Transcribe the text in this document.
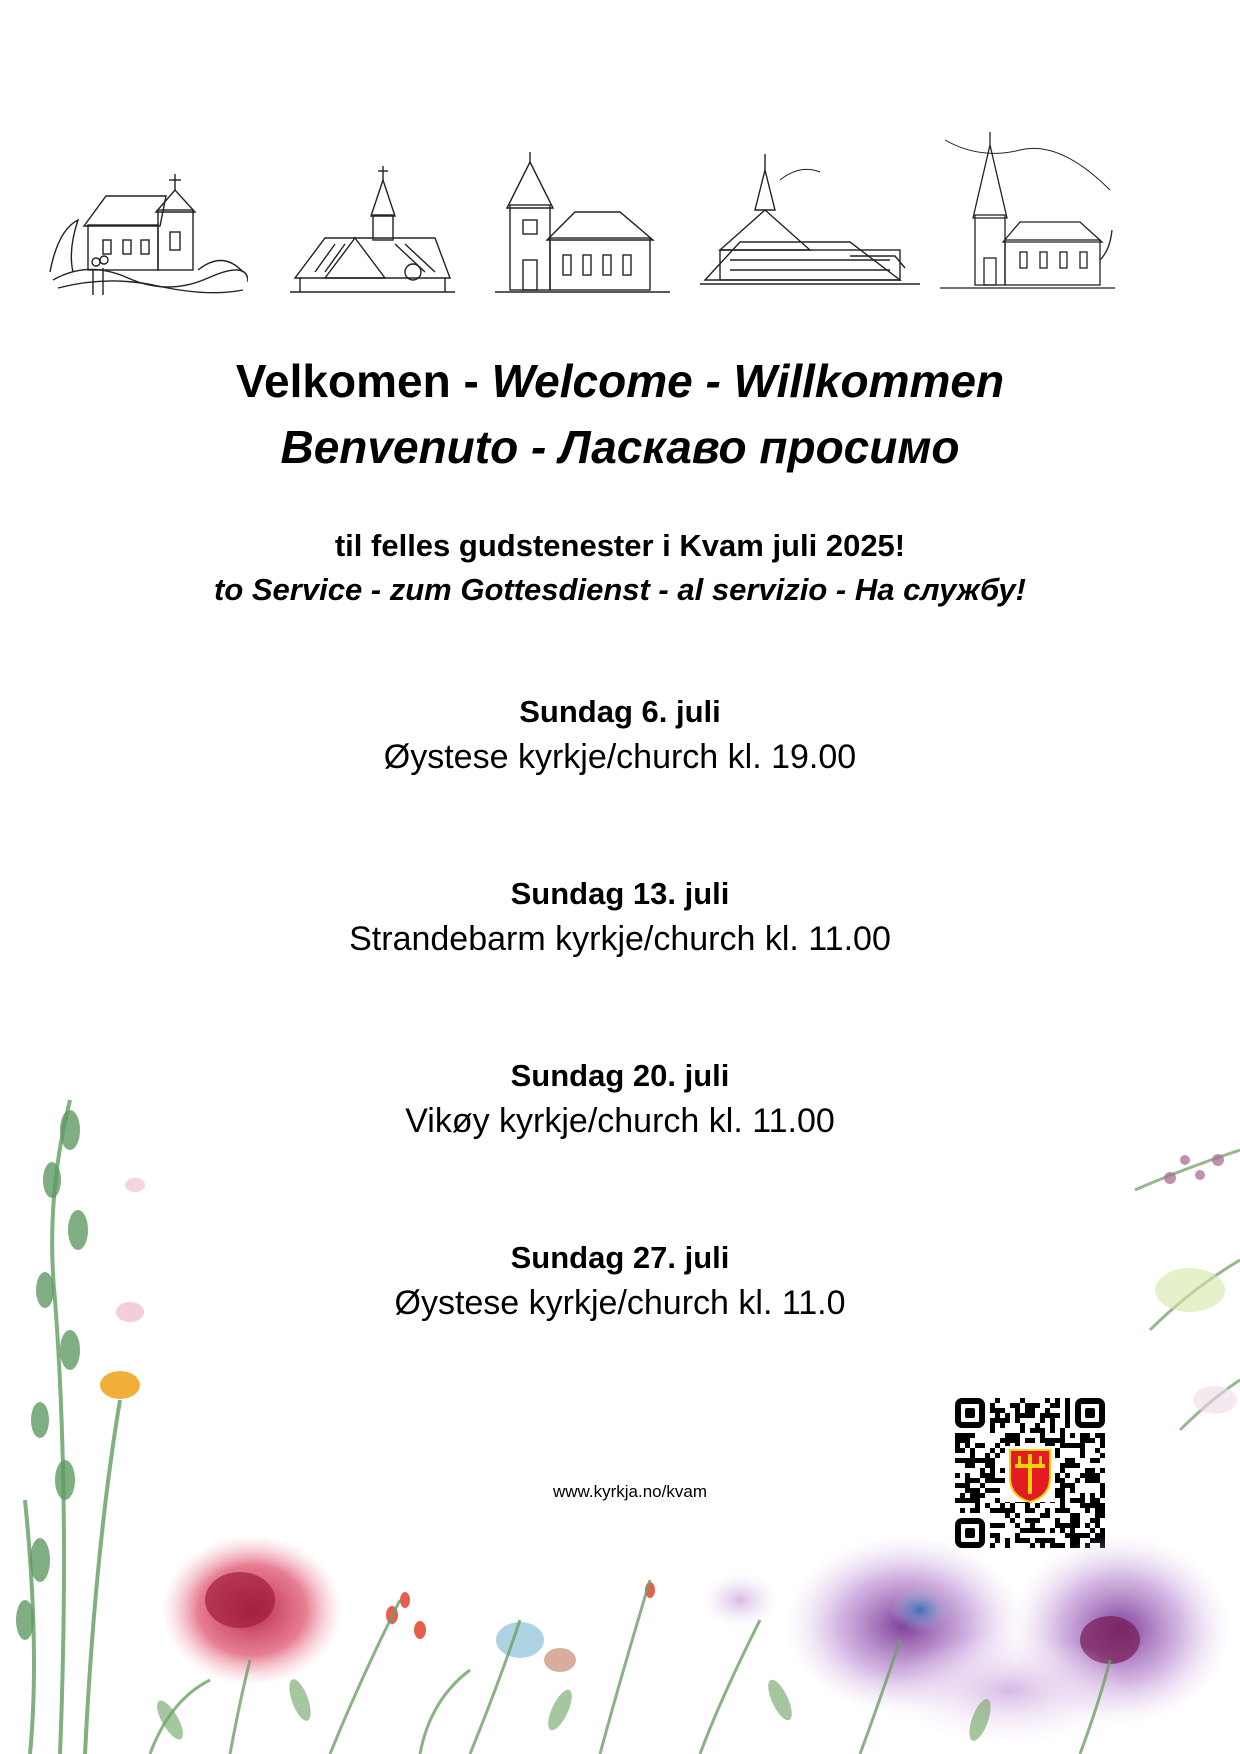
Velkomen - Welcome - Willkommen
Benvenuto - Ласкаво просимо
til felles gudstenester i Kvam juli 2025!
to Service - zum Gottesdienst - al servizio - На службу!
Sundag 6. juli
Øystese kyrkje/church kl. 19.00
Sundag 13. juli
Strandebarm kyrkje/church kl. 11.00
Sundag 20. juli
Vikøy kyrkje/church kl. 11.00
Sundag 27. juli
Øystese kyrkje/church kl. 11.0
www.kyrkja.no/kvam
